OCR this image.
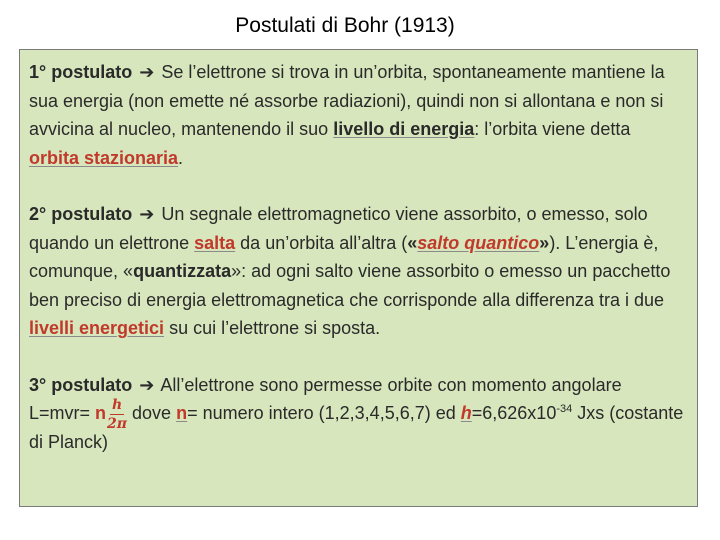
Postulati di Bohr (1913)

1° postulato ➔ Se l’elettrone si trova in un’orbita, spontaneamente mantiene la sua energia (non emette né assorbe radiazioni), quindi non si allontana e non si avvicina al nucleo, mantenendo il suo livello di energia: l’orbita viene detta orbita stazionaria.

2° postulato ➔ Un segnale elettromagnetico viene assorbito, o emesso, solo quando un elettrone salta da un’orbita all’altra («salto quantico»). L’energia è, comunque, «quantizzata»: ad ogni salto viene assorbito o emesso un pacchetto ben preciso di energia elettromagnetica che corrisponde alla differenza tra i due livelli energetici su cui l’elettrone si sposta.

3° postulato ➔ All’elettrone sono permesse orbite con momento angolare L=mvr= n $\frac{h}{2\pi}$ dove n= numero intero (1,2,3,4,5,6,7) ed $h=6,626x10^{-34}$ Jxs (costante di Planck)
